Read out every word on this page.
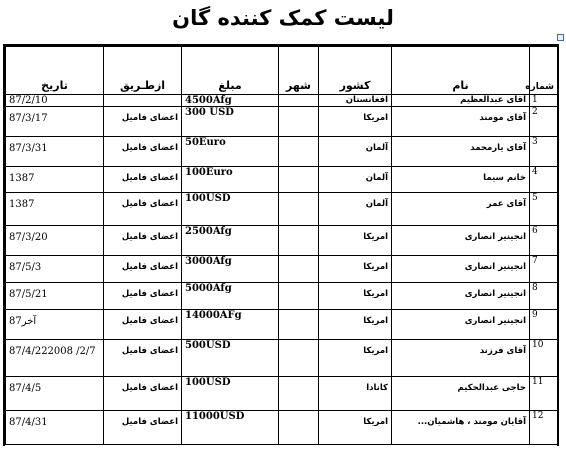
لیست کمک کننده گان
شماره	نام	کشور	شهر	مبلغ	ازطـریق	تاریخ

1	آقای عبدالعظیم	افغانستان		4500Afg		87/2/10

2	آقای مومند	امریکا		300 USD	اعضای فامیل	87/3/17

3	آقای یارمحمد	آلمان		50Euro	اعضای فامیل	87/3/31

4	خانم سیما	آلمان		100Euro	اعضای فامیل	1387

5	آقای عمر	آلمان		100USD	اعضای فامیل	1387

6	انجینیر انصاری	امریکا		2500Afg	اعضای فامیل	87/3/20

7	انجینیر انصاری	امریکا		3000Afg	اعضای فامیل	87/5/3

8	انجینیر انصاری	امریکا		5000Afg	اعضای فامیل	87/5/21

9	انجینیر انصاری	امریکا		14000AFg	اعضای فامیل	آخر87

10	آقای فرزند	امریکا		500USD	اعضای فامیل	87/4/222008 /2/7

11	حاجی عبدالحکیم	کانادا		100USD	اعضای فامیل	87/4/5

12	آقایان مومند ، هاشمیان...	امریکا		11000USD	اعضای فامیل	87/4/31
